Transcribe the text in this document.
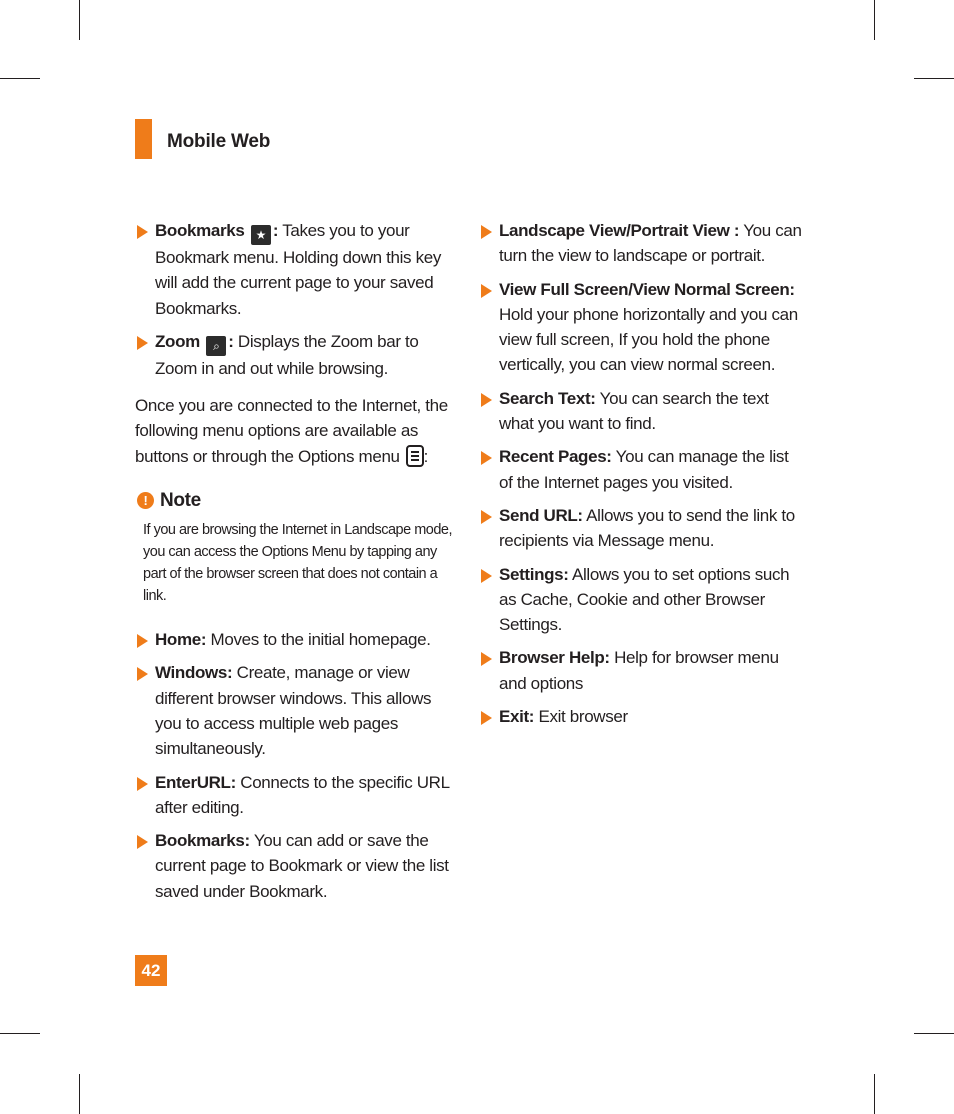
Mobile Web
Bookmarks ★ : Takes you to your Bookmark menu. Holding down this key will add the current page to your saved Bookmarks.
Zoom ⌕ : Displays the Zoom bar to Zoom in and out while browsing.

Once you are connected to the Internet, the following menu options are available as buttons or through the Options menu :

! Note
If you are browsing the Internet in Landscape mode, you can access the Options Menu by tapping any part of the browser screen that does not contain a link.
Home: Moves to the initial homepage.
Windows: Create, manage or view different browser windows. This allows you to access multiple web pages simultaneously.
EnterURL: Connects to the specific URL after editing.
Bookmarks: You can add or save the current page to Bookmark or view the list saved under Bookmark.
Landscape View/Portrait View : You can turn the view to landscape or portrait.
View Full Screen/View Normal Screen: Hold your phone horizontally and you can view full screen, If you hold the phone vertically, you can view normal screen.
Search Text: You can search the text what you want to find.
Recent Pages: You can manage the list of the Internet pages you visited.
Send URL: Allows you to send the link to recipients via Message menu.
Settings: Allows you to set options such as Cache, Cookie and other Browser Settings.
Browser Help: Help for browser menu and options
Exit: Exit browser
42
